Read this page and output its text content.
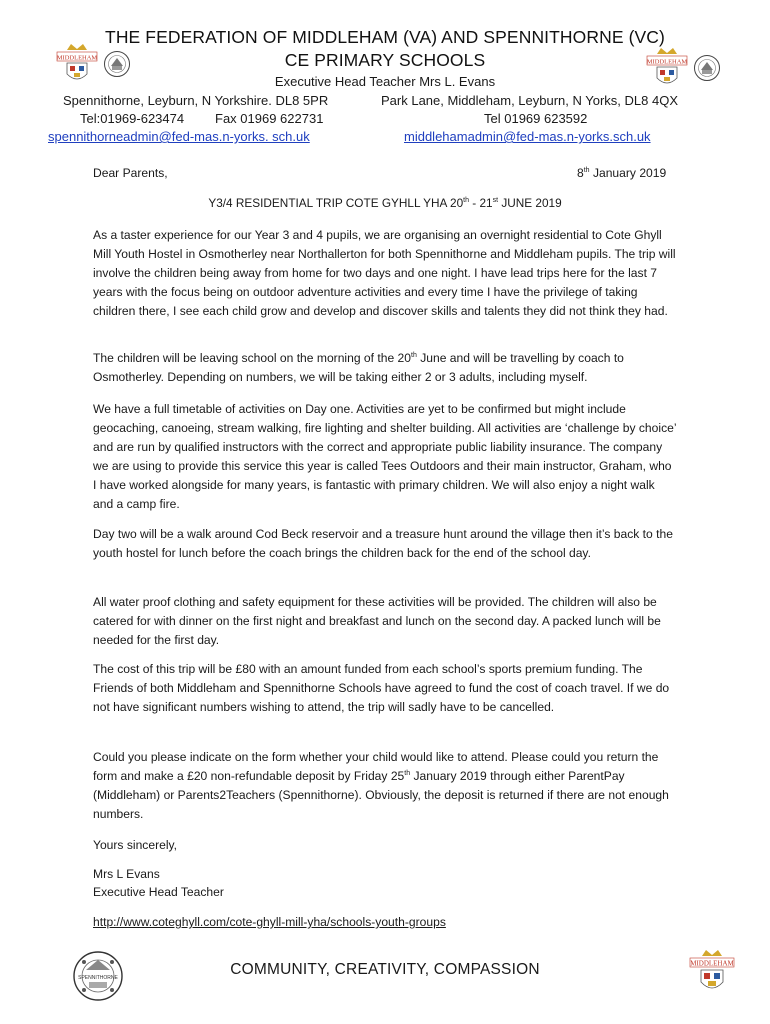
THE FEDERATION OF MIDDLEHAM (VA) AND SPENNITHORNE (VC)
CE PRIMARY SCHOOLS
MIDDLEHAM
MIDDLEHAM
Executive Head Teacher Mrs L. Evans
Spennithorne, Leyburn, N Yorkshire. DL8 5PR	Park Lane, Middleham, Leyburn, N Yorks, DL8 4QX
Tel:01969-623474 Fax 01969 622731	Tel 01969 623592
spennithorneadmin@fed-mas.n-yorks. sch.uk	middlehamadmin@fed-mas.n-yorks.sch.uk
Dear Parents,	8th January 2019
Y3/4 RESIDENTIAL TRIP COTE GYHLL YHA 20th - 21st JUNE 2019

As a taster experience for our Year 3 and 4 pupils, we are organising an overnight residential to Cote Ghyll Mill Youth Hostel in Osmotherley near Northallerton for both Spennithorne and Middleham pupils. The trip will involve the children being away from home for two days and one night. I have lead trips here for the last 7 years with the focus being on outdoor adventure activities and every time I have the privilege of taking children there, I see each child grow and develop and discover skills and talents they did not think they had.

The children will be leaving school on the morning of the 20th June and will be travelling by coach to Osmotherley. Depending on numbers, we will be taking either 2 or 3 adults, including myself.

We have a full timetable of activities on Day one. Activities are yet to be confirmed but might include geocaching, canoeing, stream walking, fire lighting and shelter building. All activities are ‘challenge by choice’ and are run by qualified instructors with the correct and appropriate public liability insurance. The company we are using to provide this service this year is called Tees Outdoors and their main instructor, Graham, who I have worked alongside for many years, is fantastic with primary children. We will also enjoy a night walk and a camp fire.

Day two will be a walk around Cod Beck reservoir and a treasure hunt around the village then it’s back to the youth hostel for lunch before the coach brings the children back for the end of the school day.

All water proof clothing and safety equipment for these activities will be provided. The children will also be catered for with dinner on the first night and breakfast and lunch on the second day. A packed lunch will be needed for the first day.

The cost of this trip will be £80 with an amount funded from each school’s sports premium funding. The Friends of both Middleham and Spennithorne Schools have agreed to fund the cost of coach travel. If we do not have significant numbers wishing to attend, the trip will sadly have to be cancelled.

Could you please indicate on the form whether your child would like to attend. Please could you return the form and make a £20 non-refundable deposit by Friday 25th January 2019 through either ParentPay (Middleham) or Parents2Teachers (Spennithorne). Obviously, the deposit is returned if there are not enough numbers.

Yours sincerely,
Mrs L Evans
Executive Head Teacher
http://www.coteghyll.com/cote-ghyll-mill-yha/schools-youth-groups
SPENNITHORNE	COMMUNITY, CREATIVITY, COMPASSION	MIDDLEHAM
